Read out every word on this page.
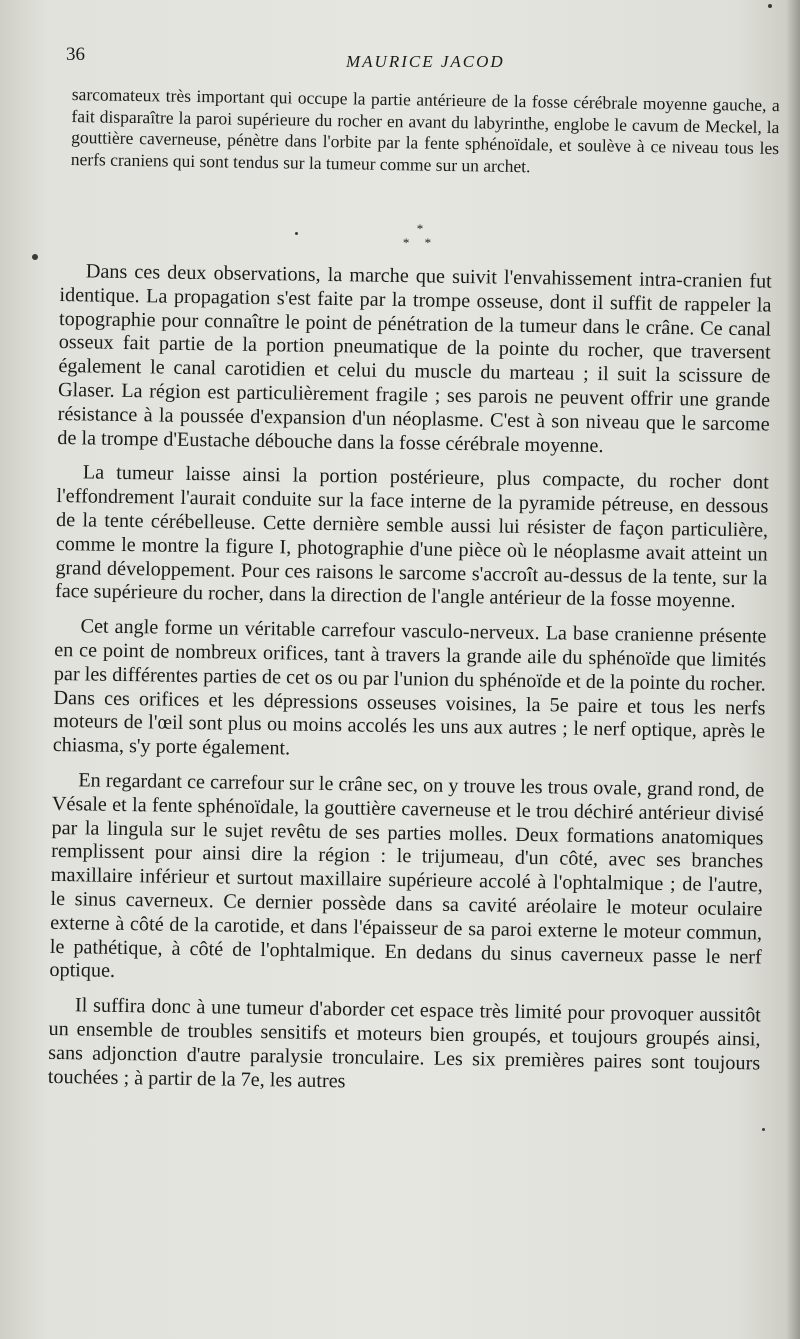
36	MAURICE JACOD
sarcomateux très important qui occupe la partie antérieure de la fosse cérébrale moyenne gauche, a fait disparaître la paroi supérieure du rocher en avant du labyrinthe, englobe le cavum de Meckel, la gouttière caverneuse, pénètre dans l'orbite par la fente sphénoïdale, et soulève à ce niveau tous les nerfs craniens qui sont tendus sur la tumeur comme sur un archet.
*
* *

Dans ces deux observations, la marche que suivit l'envahissement intra-cranien fut identique. La propagation s'est faite par la trompe osseuse, dont il suffit de rappeler la topographie pour connaître le point de pénétration de la tumeur dans le crâne. Ce canal osseux fait partie de la portion pneumatique de la pointe du rocher, que traversent également le canal carotidien et celui du muscle du marteau ; il suit la scissure de Glaser. La région est particulièrement fragile ; ses parois ne peuvent offrir une grande résistance à la poussée d'expansion d'un néoplasme. C'est à son niveau que le sarcome de la trompe d'Eustache débouche dans la fosse cérébrale moyenne.

La tumeur laisse ainsi la portion postérieure, plus compacte, du rocher dont l'effondrement l'aurait conduite sur la face interne de la pyramide pétreuse, en dessous de la tente cérébelleuse. Cette dernière semble aussi lui résister de façon particulière, comme le montre la figure I, photographie d'une pièce où le néoplasme avait atteint un grand développement. Pour ces raisons le sarcome s'accroît au-dessus de la tente, sur la face supérieure du rocher, dans la direction de l'angle antérieur de la fosse moyenne.

Cet angle forme un véritable carrefour vasculo-nerveux. La base cranienne présente en ce point de nombreux orifices, tant à travers la grande aile du sphénoïde que limités par les différentes parties de cet os ou par l'union du sphénoïde et de la pointe du rocher. Dans ces orifices et les dépressions osseuses voisines, la 5e paire et tous les nerfs moteurs de l'œil sont plus ou moins accolés les uns aux autres ; le nerf optique, après le chiasma, s'y porte également.

En regardant ce carrefour sur le crâne sec, on y trouve les trous ovale, grand rond, de Vésale et la fente sphénoïdale, la gouttière caverneuse et le trou déchiré antérieur divisé par la lingula sur le sujet revêtu de ses parties molles. Deux formations anatomiques remplissent pour ainsi dire la région : le trijumeau, d'un côté, avec ses branches maxillaire inférieur et surtout maxillaire supérieure accolé à l'ophtalmique ; de l'autre, le sinus caverneux. Ce dernier possède dans sa cavité aréolaire le moteur oculaire externe à côté de la carotide, et dans l'épaisseur de sa paroi externe le moteur commun, le pathétique, à côté de l'ophtalmique. En dedans du sinus caverneux passe le nerf optique.

Il suffira donc à une tumeur d'aborder cet espace très limité pour provoquer aussitôt un ensemble de troubles sensitifs et moteurs bien groupés, et toujours groupés ainsi, sans adjonction d'autre paralysie tronculaire. Les six premières paires sont toujours touchées ; à partir de la 7e, les autres
